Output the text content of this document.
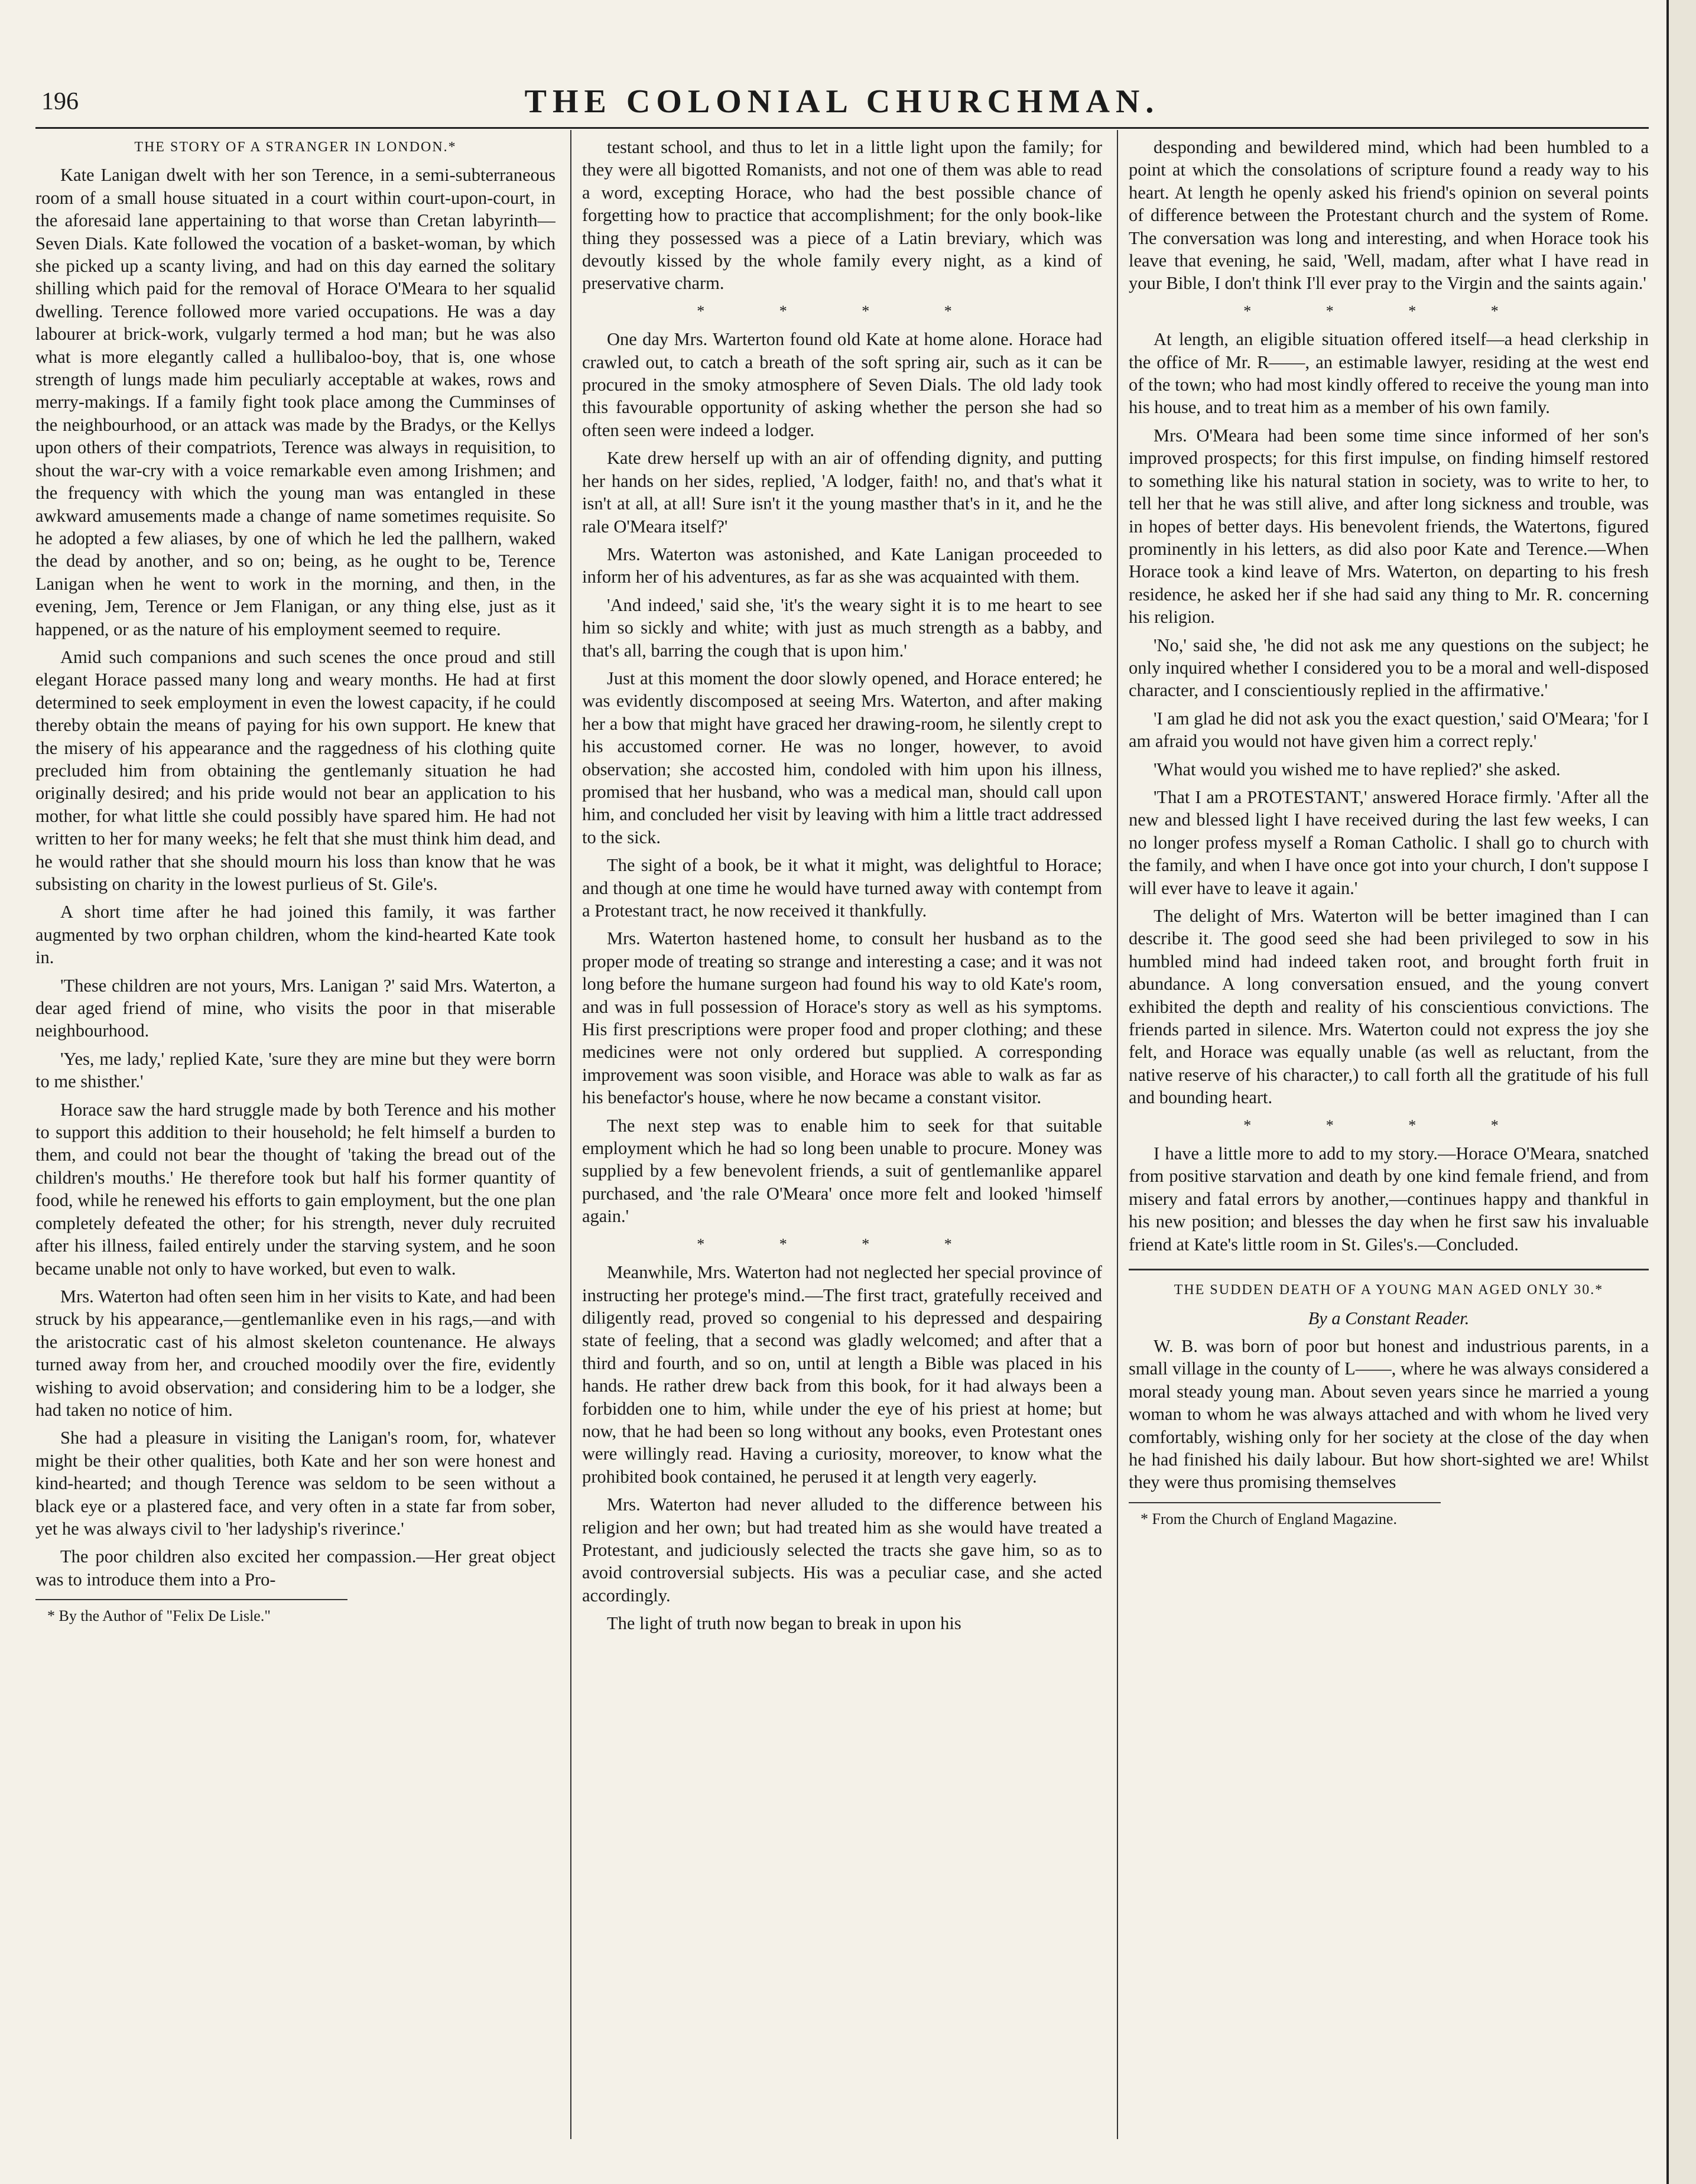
196	THE COLONIAL CHURCHMAN.

THE STORY OF A STRANGER IN LONDON.*

Kate Lanigan dwelt with her son Terence, in a semi-subterraneous room of a small house situated in a court within court-upon-court, in the aforesaid lane appertaining to that worse than Cretan labyrinth—Seven Dials. Kate followed the vocation of a basket-woman, by which she picked up a scanty living, and had on this day earned the solitary shilling which paid for the removal of Horace O'Meara to her squalid dwelling. Terence followed more varied occupations. He was a day labourer at brick-work, vulgarly termed a hod man; but he was also what is more elegantly called a hullibaloo-boy, that is, one whose strength of lungs made him peculiarly acceptable at wakes, rows and merry-makings. If a family fight took place among the Cumminses of the neighbourhood, or an attack was made by the Bradys, or the Kellys upon others of their compatriots, Terence was always in requisition, to shout the war-cry with a voice remarkable even among Irishmen; and the frequency with which the young man was entangled in these awkward amusements made a change of name sometimes requisite. So he adopted a few aliases, by one of which he led the pallhern, waked the dead by another, and so on; being, as he ought to be, Terence Lanigan when he went to work in the morning, and then, in the evening, Jem, Terence or Jem Flanigan, or any thing else, just as it happened, or as the nature of his employment seemed to require.

Amid such companions and such scenes the once proud and still elegant Horace passed many long and weary months. He had at first determined to seek employment in even the lowest capacity, if he could thereby obtain the means of paying for his own support. He knew that the misery of his appearance and the raggedness of his clothing quite precluded him from obtaining the gentlemanly situation he had originally desired; and his pride would not bear an application to his mother, for what little she could possibly have spared him. He had not written to her for many weeks; he felt that she must think him dead, and he would rather that she should mourn his loss than know that he was subsisting on charity in the lowest purlieus of St. Gile's.

A short time after he had joined this family, it was farther augmented by two orphan children, whom the kind-hearted Kate took in.

'These children are not yours, Mrs. Lanigan ?' said Mrs. Waterton, a dear aged friend of mine, who visits the poor in that miserable neighbourhood.

'Yes, me lady,' replied Kate, 'sure they are mine but they were borrn to me shisther.'

Horace saw the hard struggle made by both Terence and his mother to support this addition to their household; he felt himself a burden to them, and could not bear the thought of 'taking the bread out of the children's mouths.' He therefore took but half his former quantity of food, while he renewed his efforts to gain employment, but the one plan completely defeated the other; for his strength, never duly recruited after his illness, failed entirely under the starving system, and he soon became unable not only to have worked, but even to walk.

Mrs. Waterton had often seen him in her visits to Kate, and had been struck by his appearance,—gentlemanlike even in his rags,—and with the aristocratic cast of his almost skeleton countenance. He always turned away from her, and crouched moodily over the fire, evidently wishing to avoid observation; and considering him to be a lodger, she had taken no notice of him.

She had a pleasure in visiting the Lanigan's room, for, whatever might be their other qualities, both Kate and her son were honest and kind-hearted; and though Terence was seldom to be seen without a black eye or a plastered face, and very often in a state far from sober, yet he was always civil to 'her ladyship's riverince.'

The poor children also excited her compassion.—Her great object was to introduce them into a Pro-

* By the Author of "Felix De Lisle."

testant school, and thus to let in a little light upon the family; for they were all bigotted Romanists, and not one of them was able to read a word, excepting Horace, who had the best possible chance of forgetting how to practice that accomplishment; for the only book-like thing they possessed was a piece of a Latin breviary, which was devoutly kissed by the whole family every night, as a kind of preservative charm.

* * * *

One day Mrs. Warterton found old Kate at home alone. Horace had crawled out, to catch a breath of the soft spring air, such as it can be procured in the smoky atmosphere of Seven Dials. The old lady took this favourable opportunity of asking whether the person she had so often seen were indeed a lodger.

Kate drew herself up with an air of offending dignity, and putting her hands on her sides, replied, 'A lodger, faith! no, and that's what it isn't at all, at all! Sure isn't it the young masther that's in it, and he the rale O'Meara itself?'

Mrs. Waterton was astonished, and Kate Lanigan proceeded to inform her of his adventures, as far as she was acquainted with them.

'And indeed,' said she, 'it's the weary sight it is to me heart to see him so sickly and white; with just as much strength as a babby, and that's all, barring the cough that is upon him.'

Just at this moment the door slowly opened, and Horace entered; he was evidently discomposed at seeing Mrs. Waterton, and after making her a bow that might have graced her drawing-room, he silently crept to his accustomed corner. He was no longer, however, to avoid observation; she accosted him, condoled with him upon his illness, promised that her husband, who was a medical man, should call upon him, and concluded her visit by leaving with him a little tract addressed to the sick.

The sight of a book, be it what it might, was delightful to Horace; and though at one time he would have turned away with contempt from a Protestant tract, he now received it thankfully.

Mrs. Waterton hastened home, to consult her husband as to the proper mode of treating so strange and interesting a case; and it was not long before the humane surgeon had found his way to old Kate's room, and was in full possession of Horace's story as well as his symptoms. His first prescriptions were proper food and proper clothing; and these medicines were not only ordered but supplied. A corresponding improvement was soon visible, and Horace was able to walk as far as his benefactor's house, where he now became a constant visitor.

The next step was to enable him to seek for that suitable employment which he had so long been unable to procure. Money was supplied by a few benevolent friends, a suit of gentlemanlike apparel purchased, and 'the rale O'Meara' once more felt and looked 'himself again.'

* * * *

Meanwhile, Mrs. Waterton had not neglected her special province of instructing her protege's mind.—The first tract, gratefully received and diligently read, proved so congenial to his depressed and despairing state of feeling, that a second was gladly welcomed; and after that a third and fourth, and so on, until at length a Bible was placed in his hands. He rather drew back from this book, for it had always been a forbidden one to him, while under the eye of his priest at home; but now, that he had been so long without any books, even Protestant ones were willingly read. Having a curiosity, moreover, to know what the prohibited book contained, he perused it at length very eagerly.

Mrs. Waterton had never alluded to the difference between his religion and her own; but had treated him as she would have treated a Protestant, and judiciously selected the tracts she gave him, so as to avoid controversial subjects. His was a peculiar case, and she acted accordingly.

The light of truth now began to break in upon his

desponding and bewildered mind, which had been humbled to a point at which the consolations of scripture found a ready way to his heart. At length he openly asked his friend's opinion on several points of difference between the Protestant church and the system of Rome. The conversation was long and interesting, and when Horace took his leave that evening, he said, 'Well, madam, after what I have read in your Bible, I don't think I'll ever pray to the Virgin and the saints again.'

* * * *

At length, an eligible situation offered itself—a head clerkship in the office of Mr. R——, an estimable lawyer, residing at the west end of the town; who had most kindly offered to receive the young man into his house, and to treat him as a member of his own family.

Mrs. O'Meara had been some time since informed of her son's improved prospects; for this first impulse, on finding himself restored to something like his natural station in society, was to write to her, to tell her that he was still alive, and after long sickness and trouble, was in hopes of better days. His benevolent friends, the Watertons, figured prominently in his letters, as did also poor Kate and Terence.—When Horace took a kind leave of Mrs. Waterton, on departing to his fresh residence, he asked her if she had said any thing to Mr. R. concerning his religion.

'No,' said she, 'he did not ask me any questions on the subject; he only inquired whether I considered you to be a moral and well-disposed character, and I conscientiously replied in the affirmative.'

'I am glad he did not ask you the exact question,' said O'Meara; 'for I am afraid you would not have given him a correct reply.'

'What would you wished me to have replied?' she asked.

'That I am a PROTESTANT,' answered Horace firmly. 'After all the new and blessed light I have received during the last few weeks, I can no longer profess myself a Roman Catholic. I shall go to church with the family, and when I have once got into your church, I don't suppose I will ever have to leave it again.'

The delight of Mrs. Waterton will be better imagined than I can describe it. The good seed she had been privileged to sow in his humbled mind had indeed taken root, and brought forth fruit in abundance. A long conversation ensued, and the young convert exhibited the depth and reality of his conscientious convictions. The friends parted in silence. Mrs. Waterton could not express the joy she felt, and Horace was equally unable (as well as reluctant, from the native reserve of his character,) to call forth all the gratitude of his full and bounding heart.

* * * *

I have a little more to add to my story.—Horace O'Meara, snatched from positive starvation and death by one kind female friend, and from misery and fatal errors by another,—continues happy and thankful in his new position; and blesses the day when he first saw his invaluable friend at Kate's little room in St. Giles's.—Concluded.

THE SUDDEN DEATH OF A YOUNG MAN AGED ONLY 30.*

By a Constant Reader.

W. B. was born of poor but honest and industrious parents, in a small village in the county of L——, where he was always considered a moral steady young man. About seven years since he married a young woman to whom he was always attached and with whom he lived very comfortably, wishing only for her society at the close of the day when he had finished his daily labour. But how short-sighted we are! Whilst they were thus promising themselves

* From the Church of England Magazine.
